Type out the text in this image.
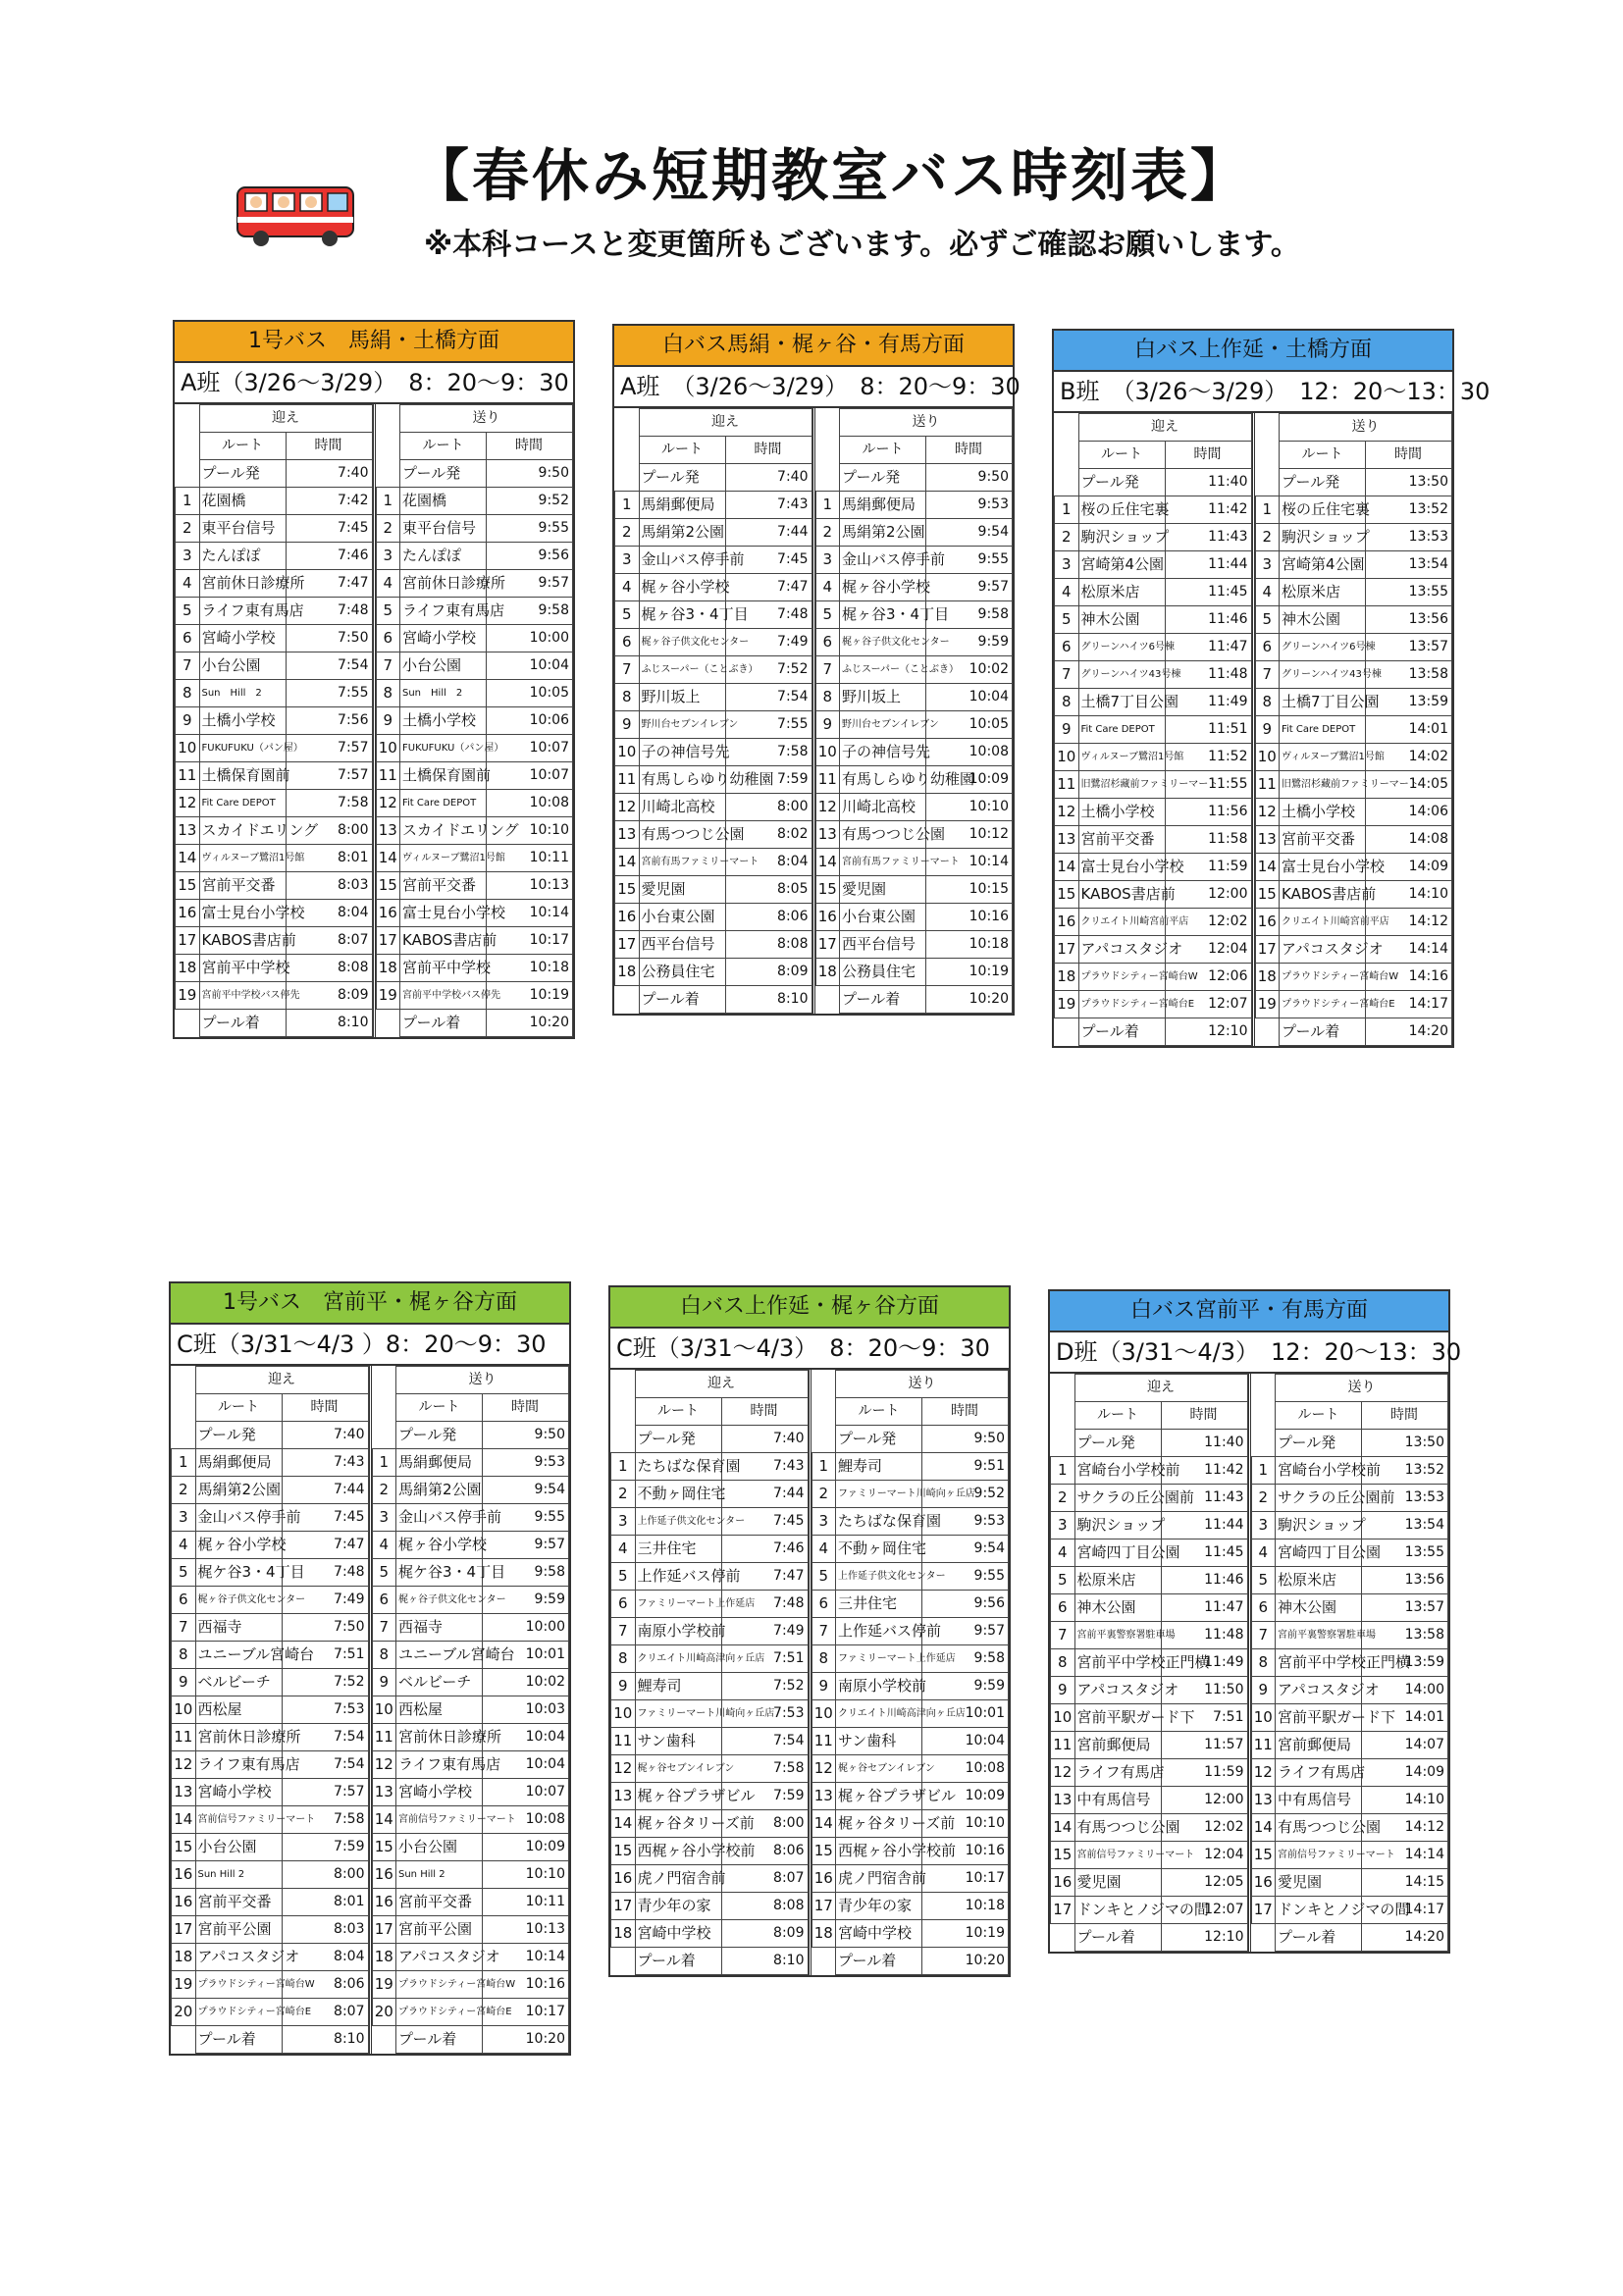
【春休み短期教室バス時刻表】
※本科コースと変更箇所もございます。必ずご確認お願いします。
1号バス　馬絹・土橋方面
A班（3/26〜3/29）　8：20〜9：30
	迎え	
	ルート	時間
	プール発	7:40
1	花園橋	7:42
2	東平台信号	7:45
3	たんぽぽ	7:46
4	宮前休日診療所	7:47
5	ライフ東有馬店	7:48
6	宮崎小学校	7:50
7	小台公園	7:54
8	Sun　Hill　2	7:55
9	土橋小学校	7:56
10	FUKUFUKU（パン屋）	7:57
11	土橋保育園前	7:57
12	Fit Care DEPOT	7:58
13	スカイドエリング	8:00
14	ヴィルヌーブ鷺沼1号館	8:01
15	宮前平交番	8:03
16	富士見台小学校	8:04
17	KABOS書店前	8:07
18	宮前平中学校	8:08
19	宮前平中学校バス停先	8:09
	プール着	8:10
	送り	
	ルート	時間
	プール発	9:50
1	花園橋	9:52
2	東平台信号	9:55
3	たんぽぽ	9:56
4	宮前休日診療所	9:57
5	ライフ東有馬店	9:58
6	宮崎小学校	10:00
7	小台公園	10:04
8	Sun　Hill　2	10:05
9	土橋小学校	10:06
10	FUKUFUKU（パン屋）	10:07
11	土橋保育園前	10:07
12	Fit Care DEPOT	10:08
13	スカイドエリング	10:10
14	ヴィルヌーブ鷺沼1号館	10:11
15	宮前平交番	10:13
16	富士見台小学校	10:14
17	KABOS書店前	10:17
18	宮前平中学校	10:18
19	宮前平中学校バス停先	10:19
	プール着	10:20
白バス馬絹・梶ヶ谷・有馬方面
A班　（3/26〜3/29）　8：20〜9：30
	迎え	
	ルート	時間
	プール発	7:40
1	馬絹郵便局	7:43
2	馬絹第2公園	7:44
3	金山バス停手前	7:45
4	梶ヶ谷小学校	7:47
5	梶ヶ谷3・4丁目	7:48
6	梶ヶ谷子供文化センター	7:49
7	ふじスーパー（ことぶき）	7:52
8	野川坂上	7:54
9	野川台セブンイレブン	7:55
10	子の神信号先	7:58
11	有馬しらゆり幼稚園	7:59
12	川崎北高校	8:00
13	有馬つつじ公園	8:02
14	宮前有馬ファミリーマート	8:04
15	愛児園	8:05
16	小台東公園	8:06
17	西平台信号	8:08
18	公務員住宅	8:09
	プール着	8:10
	送り	
	ルート	時間
	プール発	9:50
1	馬絹郵便局	9:53
2	馬絹第2公園	9:54
3	金山バス停手前	9:55
4	梶ヶ谷小学校	9:57
5	梶ヶ谷3・4丁目	9:58
6	梶ヶ谷子供文化センター	9:59
7	ふじスーパー（ことぶき）	10:02
8	野川坂上	10:04
9	野川台セブンイレブン	10:05
10	子の神信号先	10:08
11	有馬しらゆり幼稚園	10:09
12	川崎北高校	10:10
13	有馬つつじ公園	10:12
14	宮前有馬ファミリーマート	10:14
15	愛児園	10:15
16	小台東公園	10:16
17	西平台信号	10:18
18	公務員住宅	10:19
	プール着	10:20
白バス上作延・土橋方面
B班　（3/26〜3/29）　12：20〜13：30
	迎え	
	ルート	時間
	プール発	11:40
1	桜の丘住宅裏	11:42
2	駒沢ショップ	11:43
3	宮崎第4公園	11:44
4	松原米店	11:45
5	神木公園	11:46
6	グリーンハイツ6号棟	11:47
7	グリーンハイツ43号棟	11:48
8	土橋7丁目公園	11:49
9	Fit Care DEPOT	11:51
10	ヴィルヌーブ鷺沼1号館	11:52
11	旧鷺沼杉藏前ファミリーマート	11:55
12	土橋小学校	11:56
13	宮前平交番	11:58
14	富士見台小学校	11:59
15	KABOS書店前	12:00
16	クリエイト川崎宮前平店	12:02
17	アパコスタジオ	12:04
18	プラウドシティー宮崎台W	12:06
19	プラウドシティー宮崎台E	12:07
	プール着	12:10
	送り	
	ルート	時間
	プール発	13:50
1	桜の丘住宅裏	13:52
2	駒沢ショップ	13:53
3	宮崎第4公園	13:54
4	松原米店	13:55
5	神木公園	13:56
6	グリーンハイツ6号棟	13:57
7	グリーンハイツ43号棟	13:58
8	土橋7丁目公園	13:59
9	Fit Care DEPOT	14:01
10	ヴィルヌーブ鷺沼1号館	14:02
11	旧鷺沼杉藏前ファミリーマート	14:05
12	土橋小学校	14:06
13	宮前平交番	14:08
14	富士見台小学校	14:09
15	KABOS書店前	14:10
16	クリエイト川崎宮前平店	14:12
17	アパコスタジオ	14:14
18	プラウドシティー宮崎台W	14:16
19	プラウドシティー宮崎台E	14:17
	プール着	14:20
1号バス　宮前平・梶ヶ谷方面
C班（3/31〜4/3 ）8：20〜9：30
	迎え	
	ルート	時間
	プール発	7:40
1	馬絹郵便局	7:43
2	馬絹第2公園	7:44
3	金山バス停手前	7:45
4	梶ヶ谷小学校	7:47
5	梶ケ谷3・4丁目	7:48
6	梶ヶ谷子供文化センター	7:49
7	西福寺	7:50
8	ユニーブル宮崎台	7:51
9	ベルビーチ	7:52
10	西松屋	7:53
11	宮前休日診療所	7:54
12	ライフ東有馬店	7:54
13	宮崎小学校	7:57
14	宮前信号ファミリーマート	7:58
15	小台公園	7:59
16	Sun Hill 2	8:00
16	宮前平交番	8:01
17	宮前平公園	8:03
18	アパコスタジオ	8:04
19	プラウドシティー宮崎台W	8:06
20	プラウドシティー宮崎台E	8:07
	プール着	8:10
	送り	
	ルート	時間
	プール発	9:50
1	馬絹郵便局	9:53
2	馬絹第2公園	9:54
3	金山バス停手前	9:55
4	梶ヶ谷小学校	9:57
5	梶ケ谷3・4丁目	9:58
6	梶ヶ谷子供文化センター	9:59
7	西福寺	10:00
8	ユニーブル宮崎台	10:01
9	ベルビーチ	10:02
10	西松屋	10:03
11	宮前休日診療所	10:04
12	ライフ東有馬店	10:04
13	宮崎小学校	10:07
14	宮前信号ファミリーマート	10:08
15	小台公園	10:09
16	Sun Hill 2	10:10
16	宮前平交番	10:11
17	宮前平公園	10:13
18	アパコスタジオ	10:14
19	プラウドシティー宮崎台W	10:16
20	プラウドシティー宮崎台E	10:17
	プール着	10:20
白バス上作延・梶ヶ谷方面
C班（3/31〜4/3）　8：20〜9：30
	迎え	
	ルート	時間
	プール発	7:40
1	たちばな保育園	7:43
2	不動ヶ岡住宅	7:44
3	上作延子供文化センター	7:45
4	三井住宅	7:46
5	上作延バス停前	7:47
6	ファミリーマート上作延店	7:48
7	南原小学校前	7:49
8	クリエイト川崎高津向ヶ丘店	7:51
9	鯉寿司	7:52
10	ファミリーマート川崎向ヶ丘店	7:53
11	サン歯科	7:54
12	梶ヶ谷セブンイレブン	7:58
13	梶ヶ谷プラザビル	7:59
14	梶ヶ谷タリーズ前	8:00
15	西梶ヶ谷小学校前	8:06
16	虎ノ門宿舎前	8:07
17	青少年の家	8:08
18	宮崎中学校	8:09
	プール着	8:10
	送り	
	ルート	時間
	プール発	9:50
1	鯉寿司	9:51
2	ファミリーマート川崎向ヶ丘店	9:52
3	たちばな保育園	9:53
4	不動ヶ岡住宅	9:54
5	上作延子供文化センター	9:55
6	三井住宅	9:56
7	上作延バス停前	9:57
8	ファミリーマート上作延店	9:58
9	南原小学校前	9:59
10	クリエイト川崎高津向ヶ丘店	10:01
11	サン歯科	10:04
12	梶ヶ谷セブンイレブン	10:08
13	梶ヶ谷プラザビル	10:09
14	梶ヶ谷タリーズ前	10:10
15	西梶ヶ谷小学校前	10:16
16	虎ノ門宿舎前	10:17
17	青少年の家	10:18
18	宮崎中学校	10:19
	プール着	10:20
白バス宮前平・有馬方面
D班（3/31〜4/3）　12：20〜13：30
	迎え	
	ルート	時間
	プール発	11:40
1	宮崎台小学校前	11:42
2	サクラの丘公園前	11:43
3	駒沢ショップ	11:44
4	宮崎四丁目公園	11:45
5	松原米店	11:46
6	神木公園	11:47
7	宮前平裏警察署駐車場	11:48
8	宮前平中学校正門横	11:49
9	アパコスタジオ	11:50
10	宮前平駅ガード下	7:51
11	宮前郵便局	11:57
12	ライフ有馬店	11:59
13	中有馬信号	12:00
14	有馬つつじ公園	12:02
15	宮前信号ファミリーマート	12:04
16	愛児園	12:05
17	ドンキとノジマの間	12:07
	プール着	12:10
	送り	
	ルート	時間
	プール発	13:50
1	宮崎台小学校前	13:52
2	サクラの丘公園前	13:53
3	駒沢ショップ	13:54
4	宮崎四丁目公園	13:55
5	松原米店	13:56
6	神木公園	13:57
7	宮前平裏警察署駐車場	13:58
8	宮前平中学校正門横	13:59
9	アパコスタジオ	14:00
10	宮前平駅ガード下	14:01
11	宮前郵便局	14:07
12	ライフ有馬店	14:09
13	中有馬信号	14:10
14	有馬つつじ公園	14:12
15	宮前信号ファミリーマート	14:14
16	愛児園	14:15
17	ドンキとノジマの間	14:17
	プール着	14:20
